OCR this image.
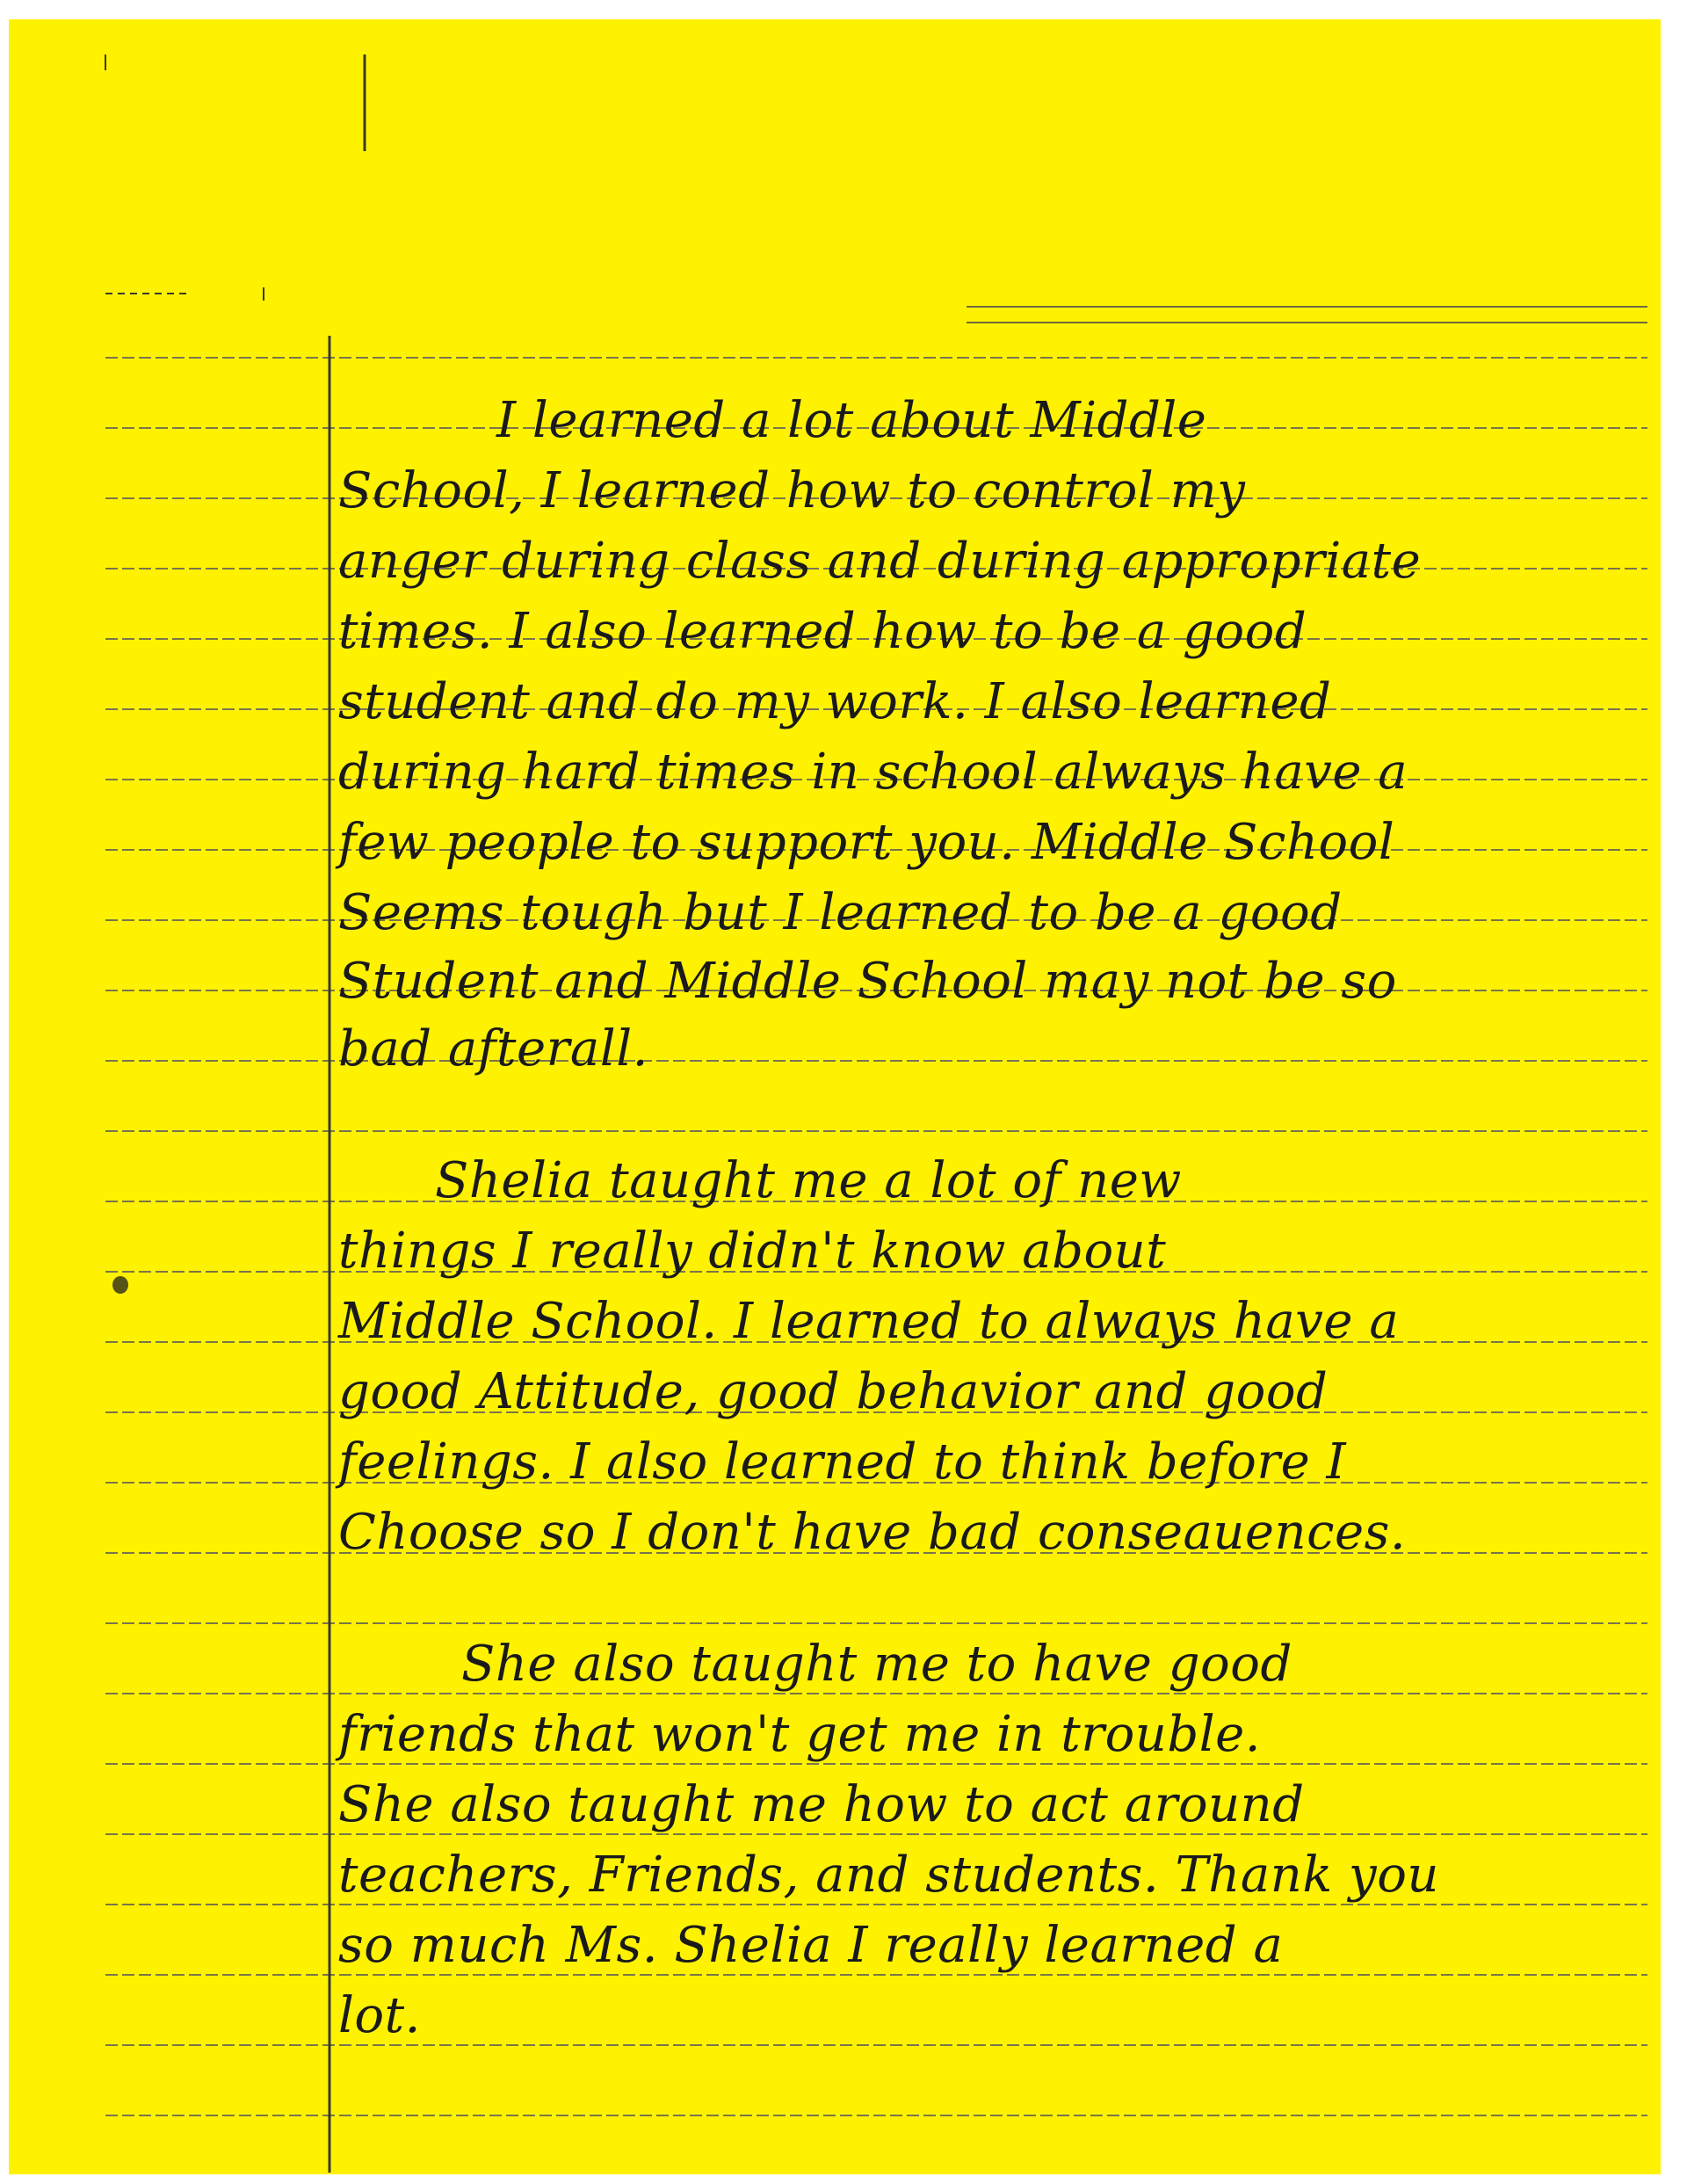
I learned a lot about Middle
School, I learned how to control my
anger during class and during appropriate
times. I also learned how to be a good
student and do my work. I also learned
during hard times in school always have a
few people to support you. Middle School
Seems tough but I learned to be a good
Student and Middle School may not be so
bad afterall.
Shelia taught me a lot of new
things I really didn't know about
Middle School. I learned to always have a
good Attitude, good behavior and good
feelings. I also learned to think before I
Choose so I don't have bad conseauences.
She also taught me to have good
friends that won't get me in trouble.
She also taught me how to act around
teachers, Friends, and students. Thank you
so much Ms. Shelia I really learned a
lot.
